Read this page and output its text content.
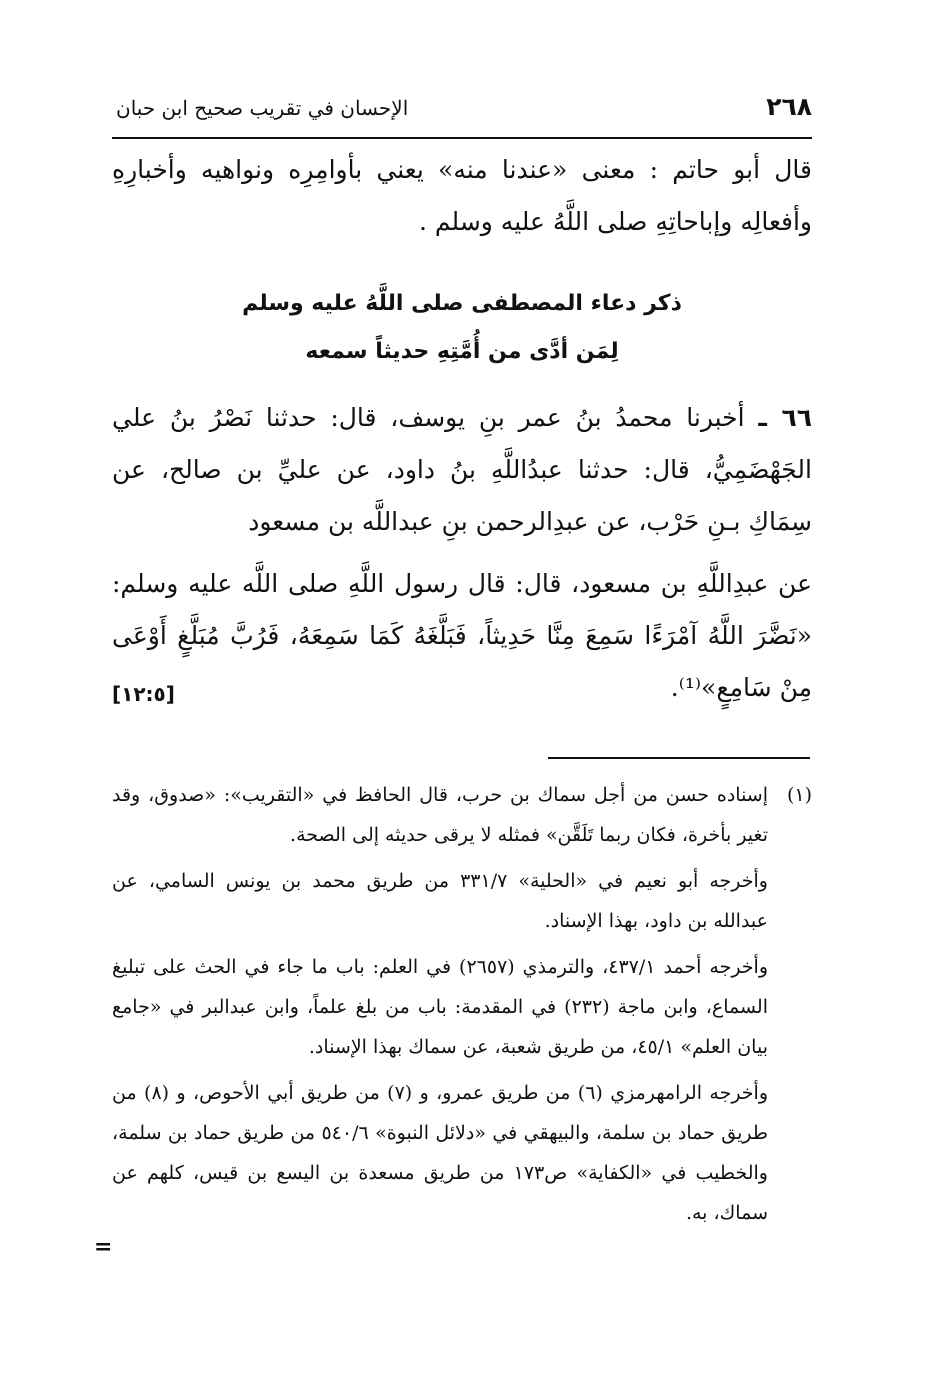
٢٦٨
الإحسان في تقريب صحيح ابن حبان

قال أبو حاتم : معنى «عندنا منه» يعني بأوامِرِه ونواهيه وأخبارِهِ وأفعالِه وإباحاتِهِ صلى اللَّهُ عليه وسلم .

ذكر دعاء المصطفى صلى اللَّهُ عليه وسلم
لِمَن أدَّى من أُمَّتِهِ حديثاً سمعه

٦٦ ـ أخبرنا محمدُ بنُ عمر بنِ يوسف، قال: حدثنا نَصْرُ بنُ علي الجَهْضَمِيُّ، قال: حدثنا عبدُاللَّهِ بنُ داود، عن عليِّ بن صالح، عن سِمَاكِ بـنِ حَرْب، عن عبدِالرحمن بنِ عبداللَّه بن مسعود

عن عبدِاللَّهِ بن مسعود، قال: قال رسول اللَّهِ صلى اللَّه عليه وسلم: «نَضَّرَ اللَّهُ آمْرَءًا سَمِعَ مِنَّا حَدِيثاً، فَبَلَّغَهُ كَمَا سَمِعَهُ، فَرُبَّ مُبَلَّغٍ أَوْعَى مِنْ سَامِعٍ»⁽¹⁾.

[١٢:٥]

(١)إسناده حسن من أجل سماك بن حرب، قال الحافظ في «التقريب»: «صدوق، وقد تغير بأخرة، فكان ربما تَلَقَّن» فمثله لا يرقى حديثه إلى الصحة.

وأخرجه أبو نعيم في «الحلية» ٣٣١/٧ من طريق محمد بن يونس السامي، عن عبدالله بن داود، بهذا الإسناد.

وأخرجه أحمد ٤٣٧/١، والترمذي (٢٦٥٧) في العلم: باب ما جاء في الحث على تبليغ السماع، وابن ماجة (٢٣٢) في المقدمة: باب من بلغ علماً، وابن عبدالبر في «جامع بيان العلم» ٤٥/١، من طريق شعبة، عن سماك بهذا الإسناد.

وأخرجه الرامهرمزي (٦) من طريق عمرو، و (٧) من طريق أبي الأحوص، و (٨) من طريق حماد بن سلمة، والبيهقي في «دلائل النبوة» ٥٤٠/٦ من طريق حماد بن سلمة، والخطيب في «الكفاية» ص١٧٣ من طريق مسعدة بن اليسع بن قيس، كلهم عن سماك، به.

=
